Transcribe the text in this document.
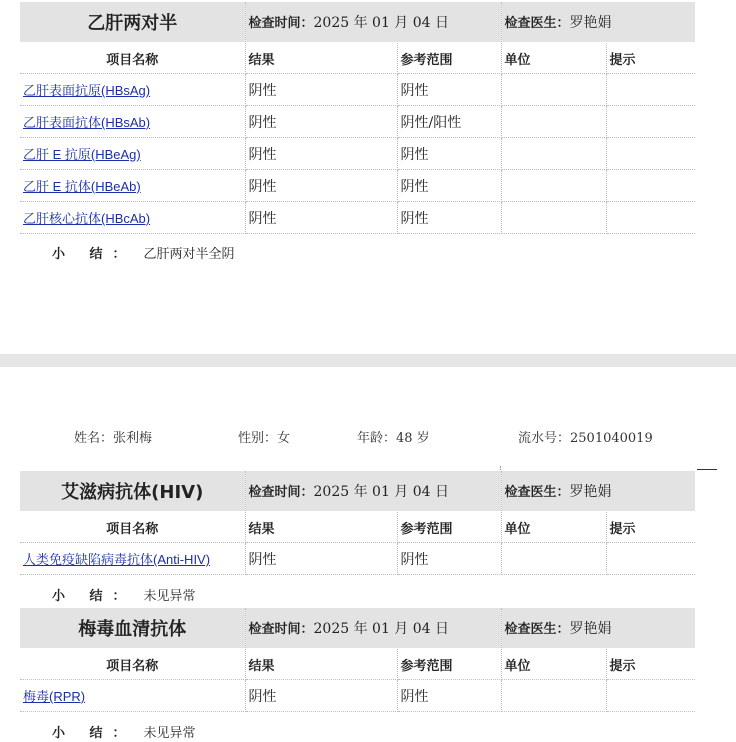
乙肝两对半	检查时间：2025 年 01 月 04 日		检查医生：罗艳娟	
项目名称	结果	参考范围	单位	提示
乙肝表面抗原(HBsAg)	阴性	阴性		
乙肝表面抗体(HBsAb)	阴性	阴性/阳性		
乙肝 E 抗原(HBeAg)	阴性	阴性		
乙肝 E 抗体(HBeAb)	阴性	阴性		
乙肝核心抗体(HBcAb)	阴性	阴性		
小 结： 乙肝两对半全阴
姓名：张利梅	性别：女	年龄：48 岁	流水号：2501040019
艾滋病抗体(HIV)	检查时间：2025 年 01 月 04 日		检查医生：罗艳娟	
项目名称	结果	参考范围	单位	提示
人类免疫缺陷病毒抗体(Anti-HIV)	阴性	阴性		
小 结： 未见异常
梅毒血清抗体	检查时间：2025 年 01 月 04 日		检查医生：罗艳娟	
项目名称	结果	参考范围	单位	提示
梅毒(RPR)	阴性	阴性		
小 结： 未见异常
